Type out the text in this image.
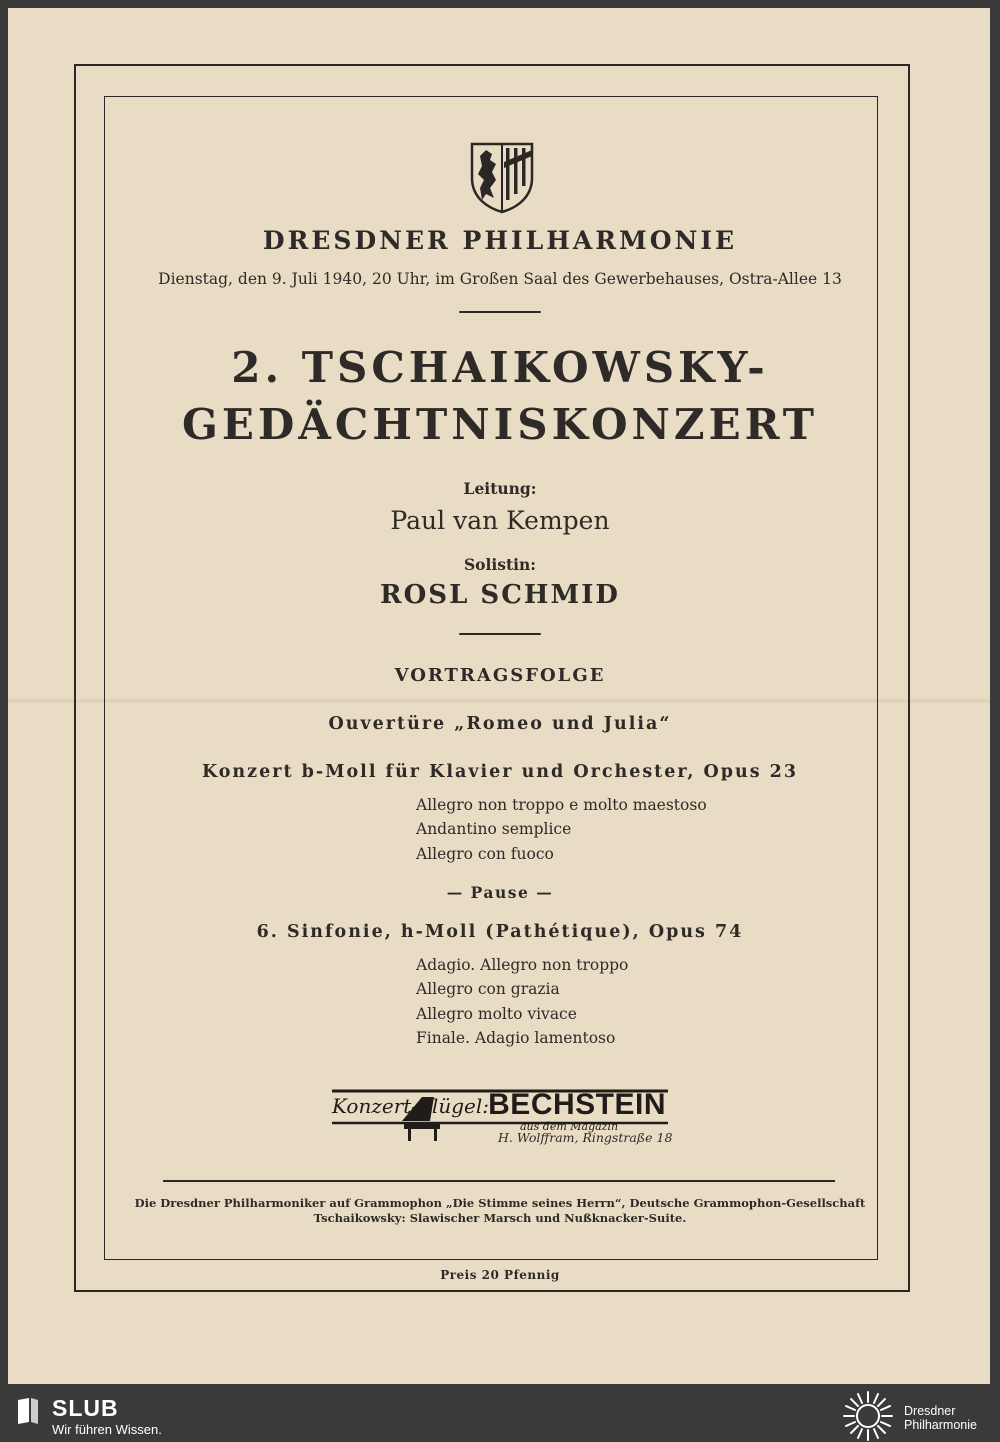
DRESDNER PHILHARMONIE
Dienstag, den 9. Juli 1940, 20 Uhr, im Großen Saal des Gewerbehauses, Ostra-Allee 13
2. TSCHAIKOWSKY-
GEDÄCHTNISKONZERT
Leitung:
Paul van Kempen
Solistin:
ROSL SCHMID
VORTRAGSFOLGE
Ouvertüre „Romeo und Julia“
Konzert b-Moll für Klavier und Orchester, Opus 23
Allegro non troppo e molto maestoso
Andantino semplice
Allegro con fuoco
— Pause —
6. Sinfonie, h-Moll (Pathétique), Opus 74
Adagio. Allegro non troppo
Allegro con grazia
Allegro molto vivace
Finale. Adagio lamentoso
Konzert-Flügel: BECHSTEIN
aus dem Magazin
H. Wolffram, Ringstraße 18
Die Dresdner Philharmoniker auf Grammophon „Die Stimme seines Herrn“, Deutsche Grammophon-Gesellschaft
Tschaikowsky: Slawischer Marsch und Nußknacker-Suite.
Preis 20 Pfennig
SLUB
Wir führen Wissen.
Dresdner
Philharmonie
